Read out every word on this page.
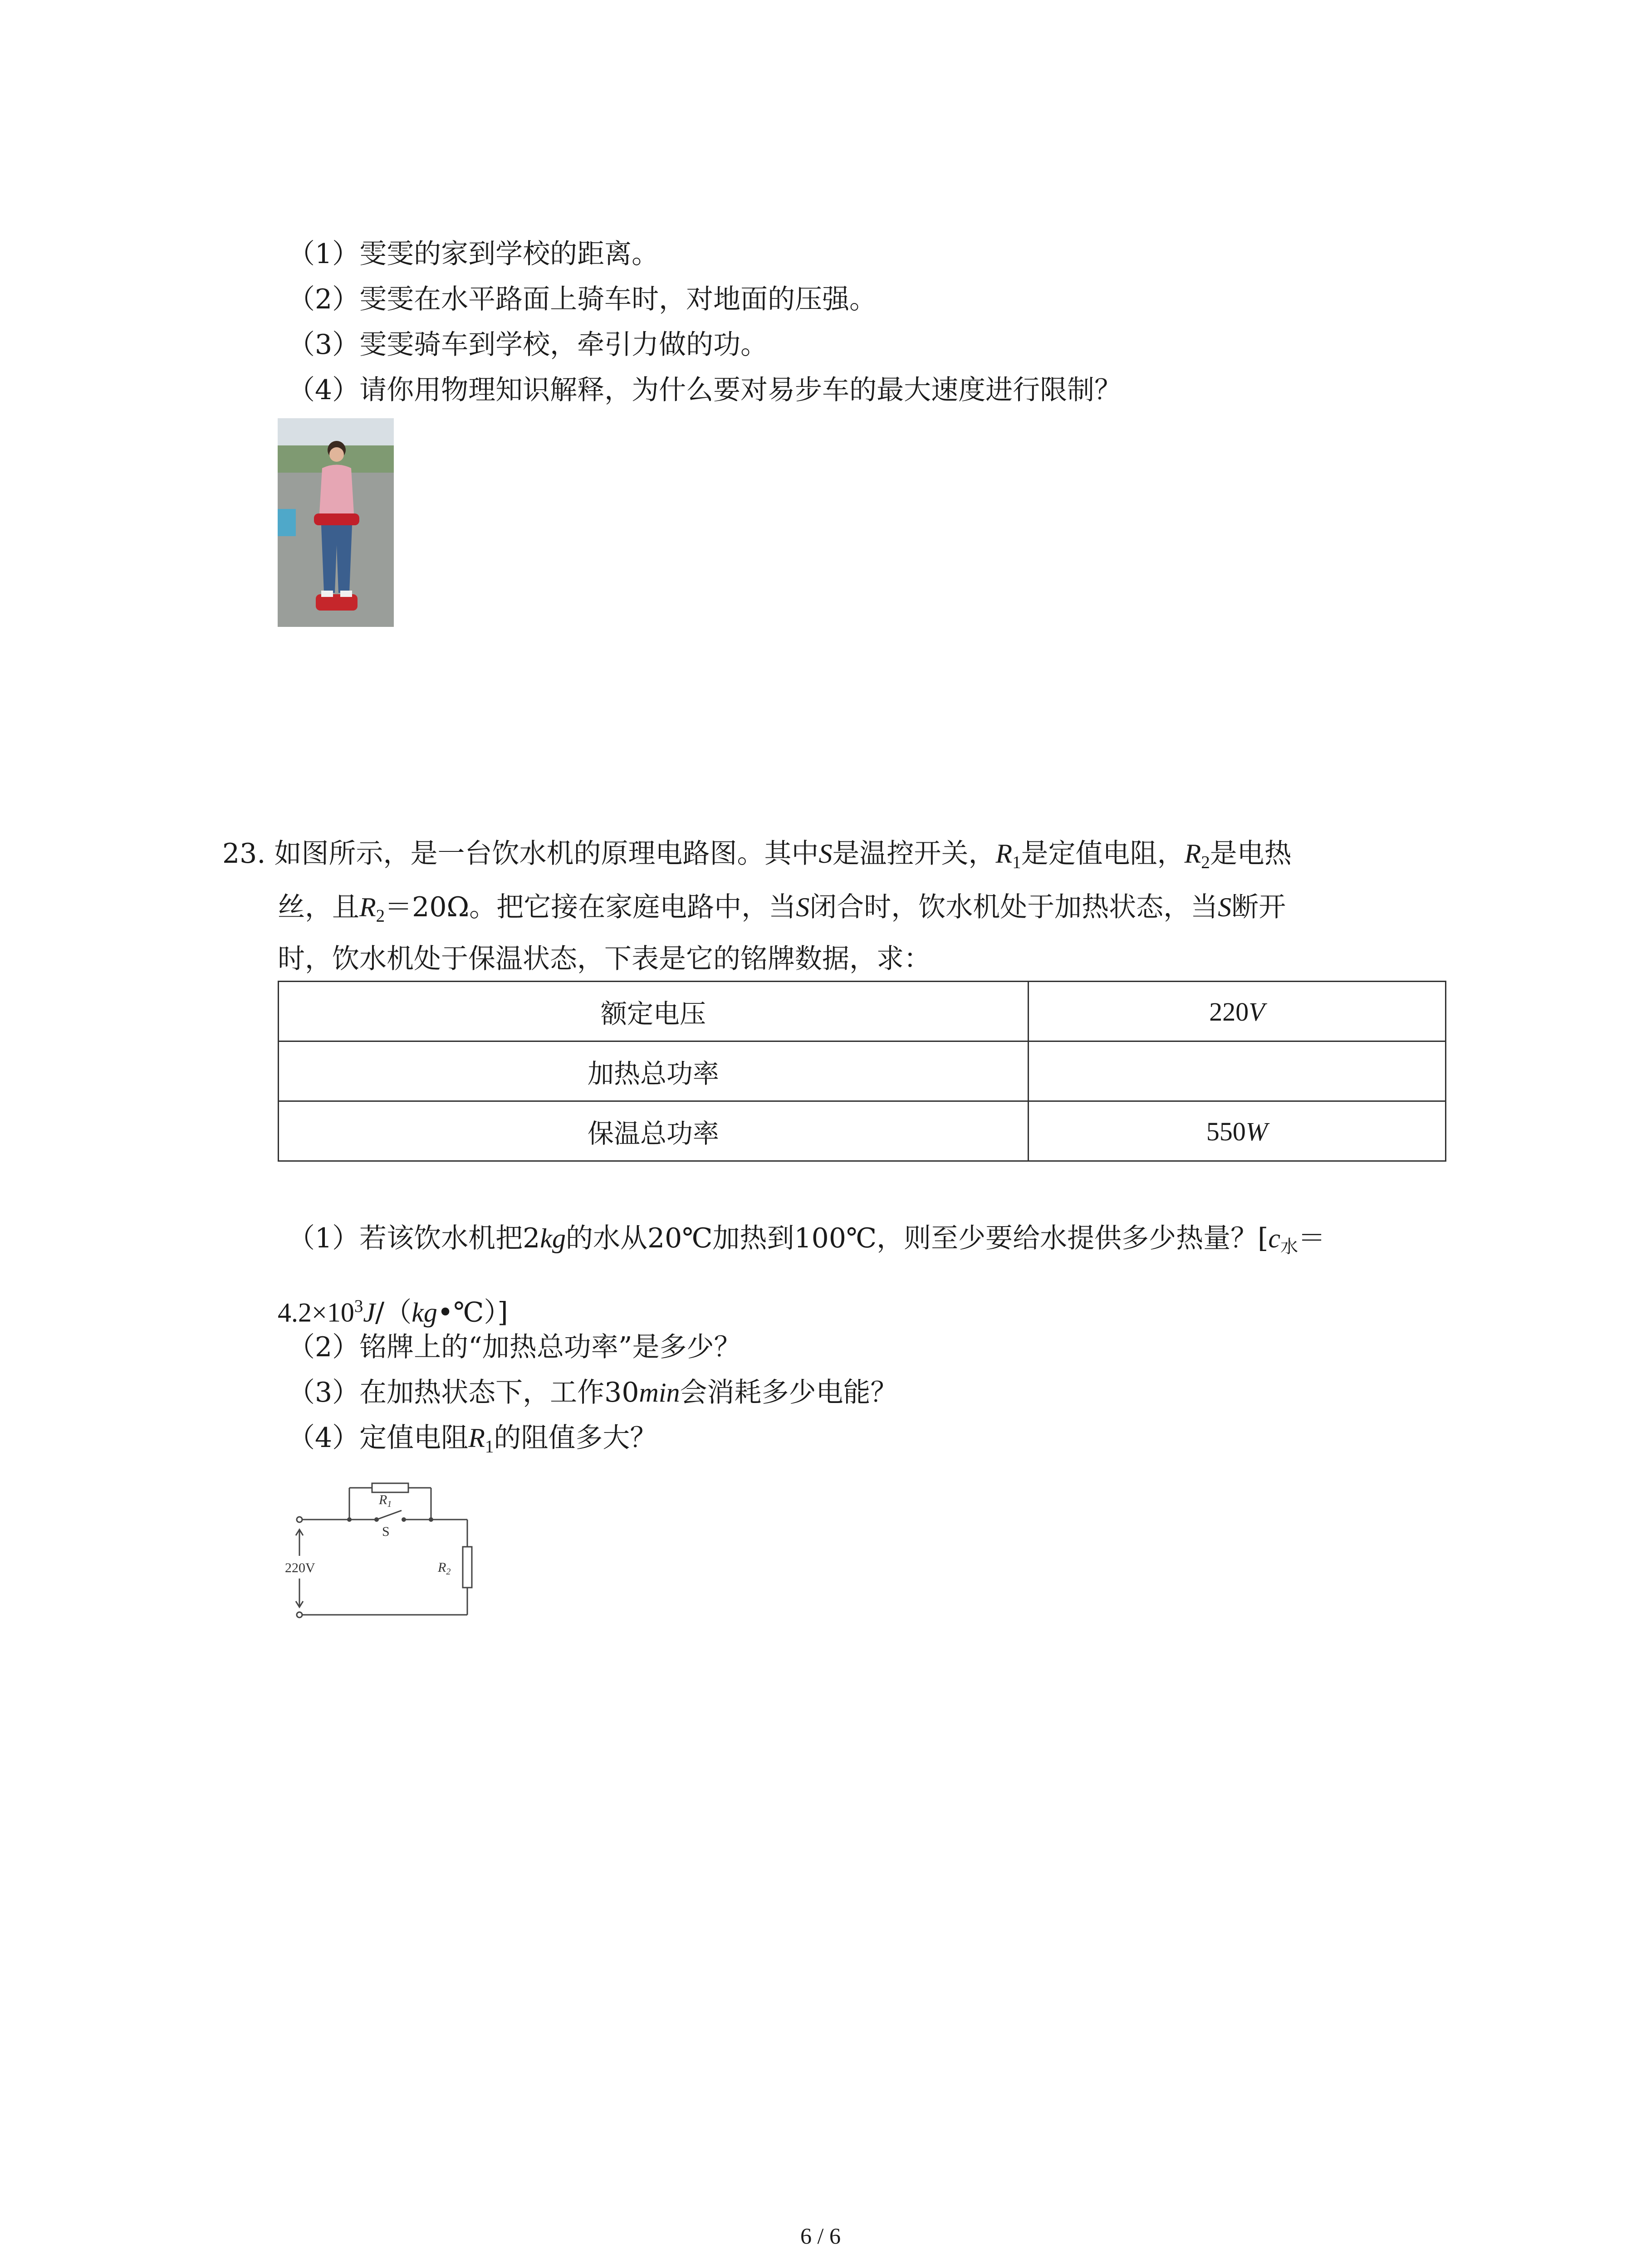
（1）雯雯的家到学校的距离。
（2）雯雯在水平路面上骑车时，对地面的压强。
（3）雯雯骑车到学校，牵引力做的功。
（4）请你用物理知识解释，为什么要对易步车的最大速度进行限制？
23. 如图所示，是一台饮水机的原理电路图。其中S是温控开关，$R_1$是定值电阻，$R_2$是电热
丝，且$R_2=20\Omega$。把它接在家庭电路中，当S闭合时，饮水机处于加热状态，当S断开
时，饮水机处于保温状态，下表是它的铭牌数据，求：
额定电压	220V
加热总功率	
保温总功率	550W
（1）若该饮水机把2kg的水从20℃加热到100℃，则至少要给水提供多少热量？[$c_水=$
$4.2\times 10^3J/(kg•℃)$]
（2）铭牌上的“加热总功率”是多少？
（3）在加热状态下，工作30min会消耗多少电能？
（4）定值电阻$R_1$的阻值多大？
220V
$R_1$
S
$R_2$
6 / 6
